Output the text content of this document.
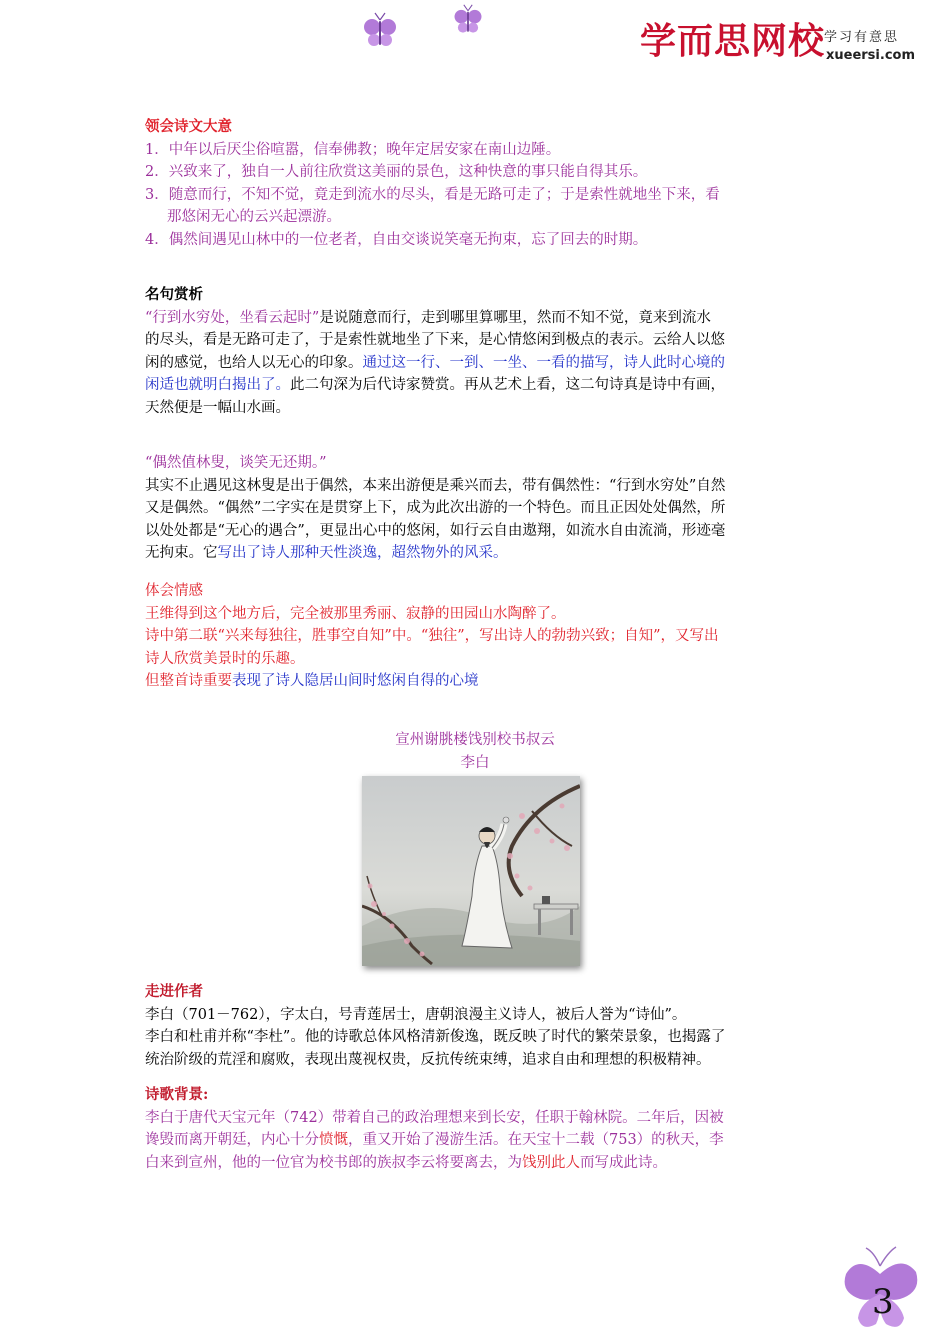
学而思网校
学习有意思
xueersi.com
领会诗文大意
1．中年以后厌尘俗喧嚣，信奉佛教；晚年定居安家在南山边陲。
2．兴致来了，独自一人前往欣赏这美丽的景色，这种快意的事只能自得其乐。
3．随意而行，不知不觉，竟走到流水的尽头，看是无路可走了；于是索性就地坐下来，看
那悠闲无心的云兴起漂游。
4．偶然间遇见山林中的一位老者，自由交谈说笑毫无拘束，忘了回去的时期。
名句赏析
“行到水穷处，坐看云起时”是说随意而行，走到哪里算哪里，然而不知不觉，竟来到流水
的尽头，看是无路可走了，于是索性就地坐了下来，是心情悠闲到极点的表示。云给人以悠
闲的感觉，也给人以无心的印象。通过这一行、一到、一坐、一看的描写，诗人此时心境的
闲适也就明白揭出了。此二句深为后代诗家赞赏。再从艺术上看，这二句诗真是诗中有画，
天然便是一幅山水画。
“偶然值林叟，谈笑无还期。”
其实不止遇见这林叟是出于偶然，本来出游便是乘兴而去，带有偶然性：“行到水穷处”自然
又是偶然。“偶然”二字实在是贯穿上下，成为此次出游的一个特色。而且正因处处偶然，所
以处处都是“无心的遇合”，更显出心中的悠闲，如行云自由遨翔，如流水自由流淌，形迹毫
无拘束。它写出了诗人那种天性淡逸，超然物外的风采。
体会情感
王维得到这个地方后，完全被那里秀丽、寂静的田园山水陶醉了。
诗中第二联“兴来每独往，胜事空自知”中。“独往”，写出诗人的勃勃兴致；自知”，又写出
诗人欣赏美景时的乐趣。
但整首诗重要表现了诗人隐居山间时悠闲自得的心境
宣州谢朓楼饯别校书叔云
李白
走进作者
李白（701－762），字太白，号青莲居士，唐朝浪漫主义诗人，被后人誉为“诗仙”。
李白和杜甫并称“李杜”。他的诗歌总体风格清新俊逸，既反映了时代的繁荣景象，也揭露了
统治阶级的荒淫和腐败，表现出蔑视权贵，反抗传统束缚，追求自由和理想的积极精神。
诗歌背景:
李白于唐代天宝元年（742）带着自己的政治理想来到长安，任职于翰林院。二年后，因被
谗毁而离开朝廷，内心十分愤慨，重又开始了漫游生活。在天宝十二载（753）的秋天，李
白来到宣州，他的一位官为校书郎的族叔李云将要离去，为饯别此人而写成此诗。
3
